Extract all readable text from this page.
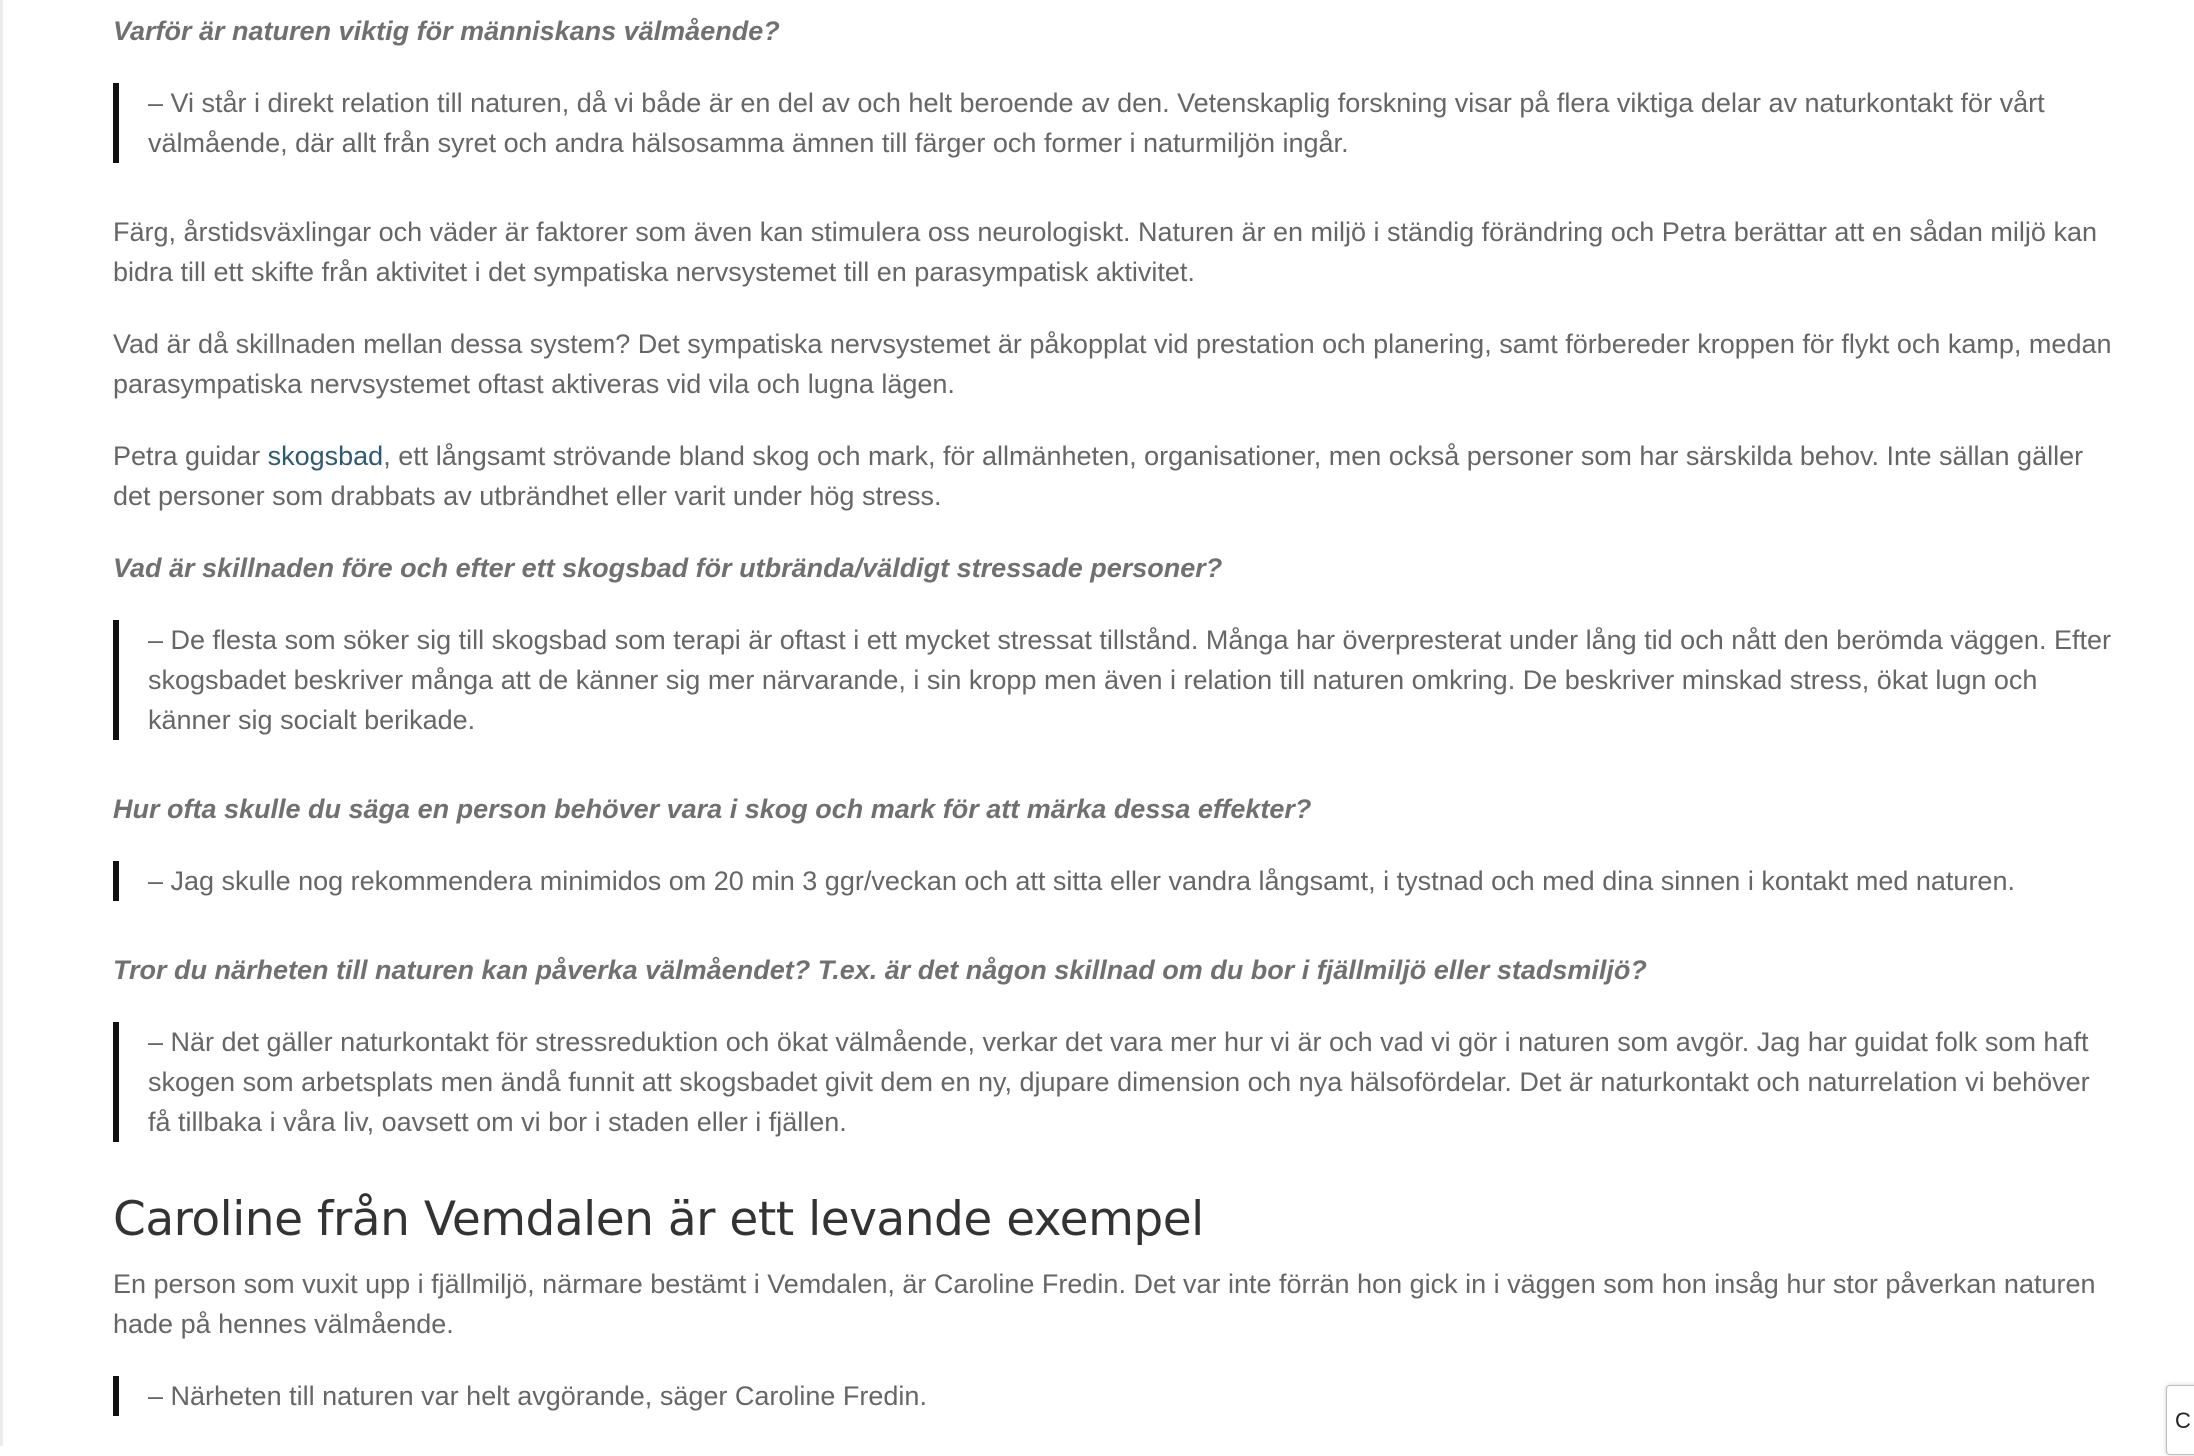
Varför är naturen viktig för människans välmående?

– Vi står i direkt relation till naturen, då vi både är en del av och helt beroende av den. Vetenskaplig forskning visar på flera viktiga delar av naturkontakt för vårt välmående, där allt från syret och andra hälsosamma ämnen till färger och former i naturmiljön ingår.

Färg, årstidsväxlingar och väder är faktorer som även kan stimulera oss neurologiskt. Naturen är en miljö i ständig förändring och Petra berättar att en sådan miljö kan bidra till ett skifte från aktivitet i det sympatiska nervsystemet till en parasympatisk aktivitet.

Vad är då skillnaden mellan dessa system? Det sympatiska nervsystemet är påkopplat vid prestation och planering, samt förbereder kroppen för flykt och kamp, medan parasympatiska nervsystemet oftast aktiveras vid vila och lugna lägen.

Petra guidar skogsbad, ett långsamt strövande bland skog och mark, för allmänheten, organisationer, men också personer som har särskilda behov. Inte sällan gäller det personer som drabbats av utbrändhet eller varit under hög stress.

Vad är skillnaden före och efter ett skogsbad för utbrända/väldigt stressade personer?

– De flesta som söker sig till skogsbad som terapi är oftast i ett mycket stressat tillstånd. Många har överpresterat under lång tid och nått den berömda väggen. Efter skogsbadet beskriver många att de känner sig mer närvarande, i sin kropp men även i relation till naturen omkring. De beskriver minskad stress, ökat lugn och känner sig socialt berikade.

Hur ofta skulle du säga en person behöver vara i skog och mark för att märka dessa effekter?

– Jag skulle nog rekommendera minimidos om 20 min 3 ggr/veckan och att sitta eller vandra långsamt, i tystnad och med dina sinnen i kontakt med naturen.

Tror du närheten till naturen kan påverka välmåendet? T.ex. är det någon skillnad om du bor i fjällmiljö eller stadsmiljö?

– När det gäller naturkontakt för stressreduktion och ökat välmående, verkar det vara mer hur vi är och vad vi gör i naturen som avgör. Jag har guidat folk som haft skogen som arbetsplats men ändå funnit att skogsbadet givit dem en ny, djupare dimension och nya hälsofördelar. Det är naturkontakt och naturrelation vi behöver få tillbaka i våra liv, oavsett om vi bor i staden eller i fjällen.

Caroline från Vemdalen är ett levande exempel

En person som vuxit upp i fjällmiljö, närmare bestämt i Vemdalen, är Caroline Fredin. Det var inte förrän hon gick in i väggen som hon insåg hur stor påverkan naturen hade på hennes välmående.

– Närheten till naturen var helt avgörande, säger Caroline Fredin.

C
